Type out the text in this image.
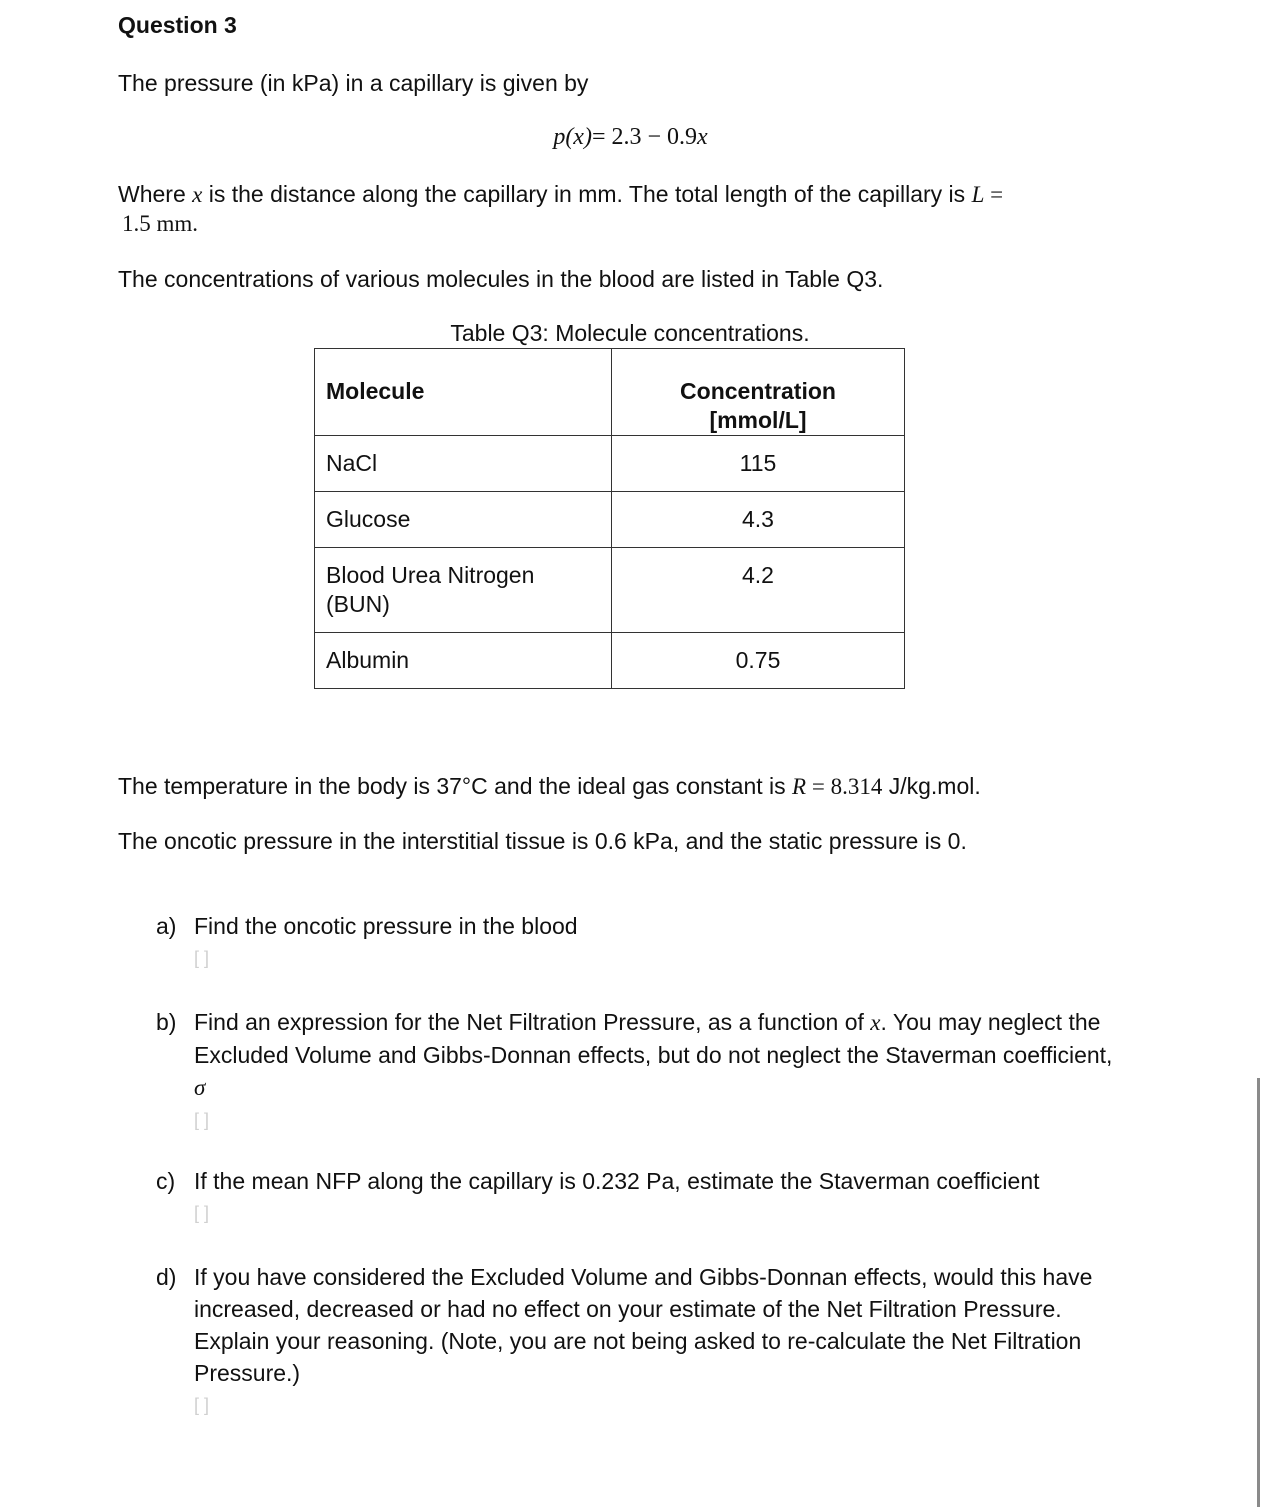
Question 3
The pressure (in kPa) in a capillary is given by
p(x)= 2.3 − 0.9x
Where x is the distance along the capillary in mm. The total length of the capillary is L =
1.5 mm.
The concentrations of various molecules in the blood are listed in Table Q3.
Table Q3: Molecule concentrations.
Molecule	Concentration
[mmol/L]

NaCl	115
Glucose	4.3

Blood Urea Nitrogen
(BUN)	4.2
Albumin	0.75
The temperature in the body is 37°C and the ideal gas constant is R = 8.314 J/kg.mol.
The oncotic pressure in the interstitial tissue is 0.6 kPa, and the static pressure is 0.
a) Find the oncotic pressure in the blood
[ ]
b) Find an expression for the Net Filtration Pressure, as a function of x. You may neglect the Excluded Volume and Gibbs-Donnan effects, but do not neglect the Staverman coefficient, σ
[ ]
c) If the mean NFP along the capillary is 0.232 Pa, estimate the Staverman coefficient
[ ]
d) If you have considered the Excluded Volume and Gibbs-Donnan effects, would this have increased, decreased or had no effect on your estimate of the Net Filtration Pressure. Explain your reasoning. (Note, you are not being asked to re-calculate the Net Filtration Pressure.)
[ ]
